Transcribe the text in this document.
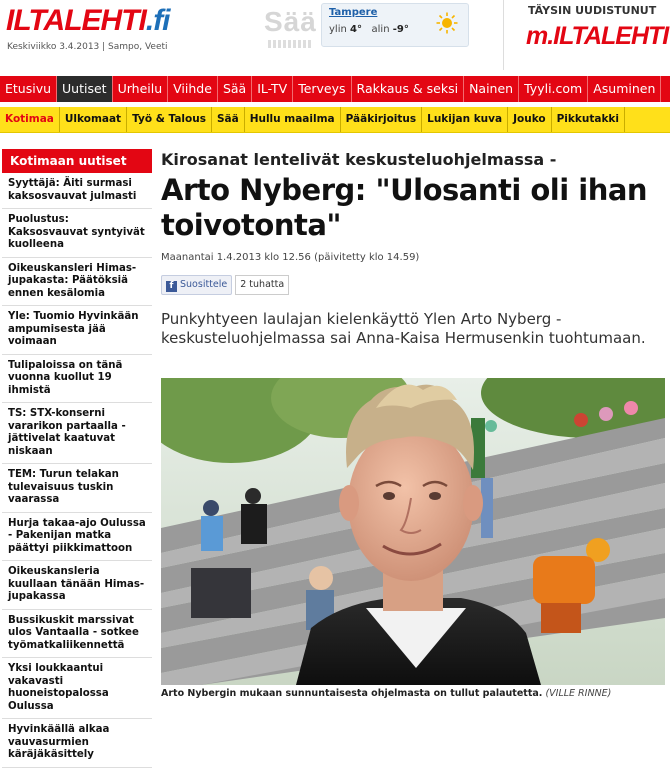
ILTALEHTI.fi
Keskiviikko 3.4.2013 | Sampo, Veeti
Sää Tampere
ylin 4° alin -9°
TÄYSIN UUDISTUNUT
m.ILTALEHTI
Etusivu Uutiset Urheilu Viihde Sää IL-TV Terveys Rakkaus & seksi Nainen Tyyli.com Asuminen
Kotimaa Ulkomaat Työ & Talous Sää Hullu maailma Pääkirjoitus Lukijan kuva Jouko Pikkutakki
Kotimaan uutiset
Syyttäjä: Äiti surmasi kaksosvauvat julmasti
Puolustus: Kaksosvauvat syntyivät kuolleena
Oikeuskansleri Himas-jupakasta: Päätöksiä ennen kesälomia
Yle: Tuomio Hyvinkään ampumisesta jää voimaan
Tulipaloissa on tänä vuonna kuollut 19 ihmistä
TS: STX-konserni vararikon partaalla - jättivelat kaatuvat niskaan
TEM: Turun telakan tulevaisuus tuskin vaarassa
Hurja takaa-ajo Oulussa - Pakenijan matka päättyi piikkimattoon
Oikeuskansleria kuullaan tänään Himas-jupakassa
Bussikuskit marssivat ulos Vantaalla - sotkee työmatkaliikennettä
Yksi loukkaantui vakavasti huoneistopalossa Oulussa
Hyvinkäällä alkaa vauvasurmien käräjäkäsittely
Kirosanat lentelivät keskusteluohjelmassa -
Arto Nyberg: "Ulosanti oli ihan toivotonta"
Maanantai 1.4.2013 klo 12.56 (päivitetty klo 14.59)
f Suosittele 2 tuhatta
Punkyhtyeen laulajan kielenkäyttö Ylen Arto Nyberg -keskusteluohjelmassa sai Anna-Kaisa Hermusenkin tuohtumaan.
Arto Nybergin mukaan sunnuntaisesta ohjelmasta on tullut palautetta. (VILLE RINNE)
